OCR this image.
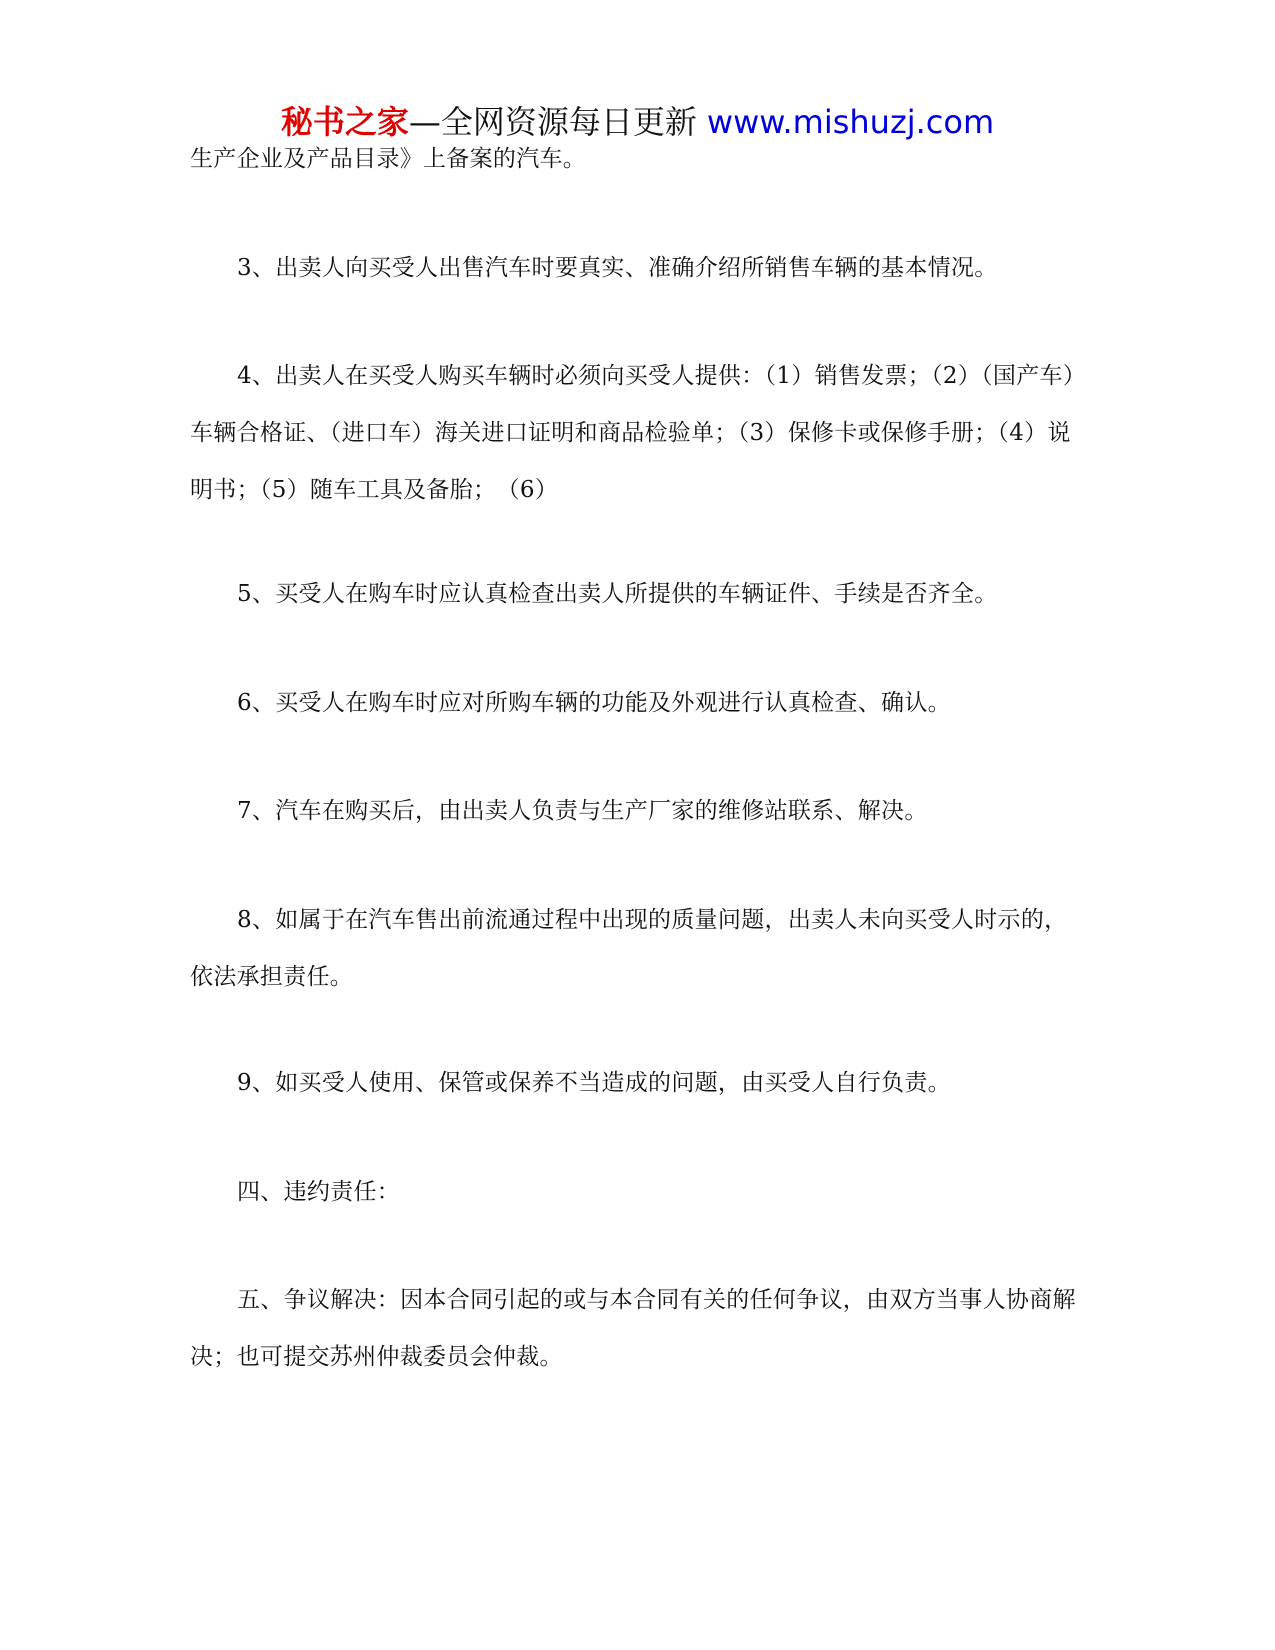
秘书之家—全网资源每日更新 www.mishuzj.com

生产企业及产品目录》上备案的汽车。

3、出卖人向买受人出售汽车时要真实、准确介绍所销售车辆的基本情况。

4、出卖人在买受人购买车辆时必须向买受人提供：（1）销售发票；（2）（国产车）车辆合格证、（进口车）海关进口证明和商品检验单；（3）保修卡或保修手册；（4）说明书；（5）随车工具及备胎；　（6）

5、买受人在购车时应认真检查出卖人所提供的车辆证件、手续是否齐全。

6、买受人在购车时应对所购车辆的功能及外观进行认真检查、确认。

7、汽车在购买后，由出卖人负责与生产厂家的维修站联系、解决。

8、如属于在汽车售出前流通过程中出现的质量问题，出卖人未向买受人时示的，依法承担责任。

9、如买受人使用、保管或保养不当造成的问题，由买受人自行负责。

四、违约责任：

五、争议解决：因本合同引起的或与本合同有关的任何争议，由双方当事人协商解决；也可提交苏州仲裁委员会仲裁。
